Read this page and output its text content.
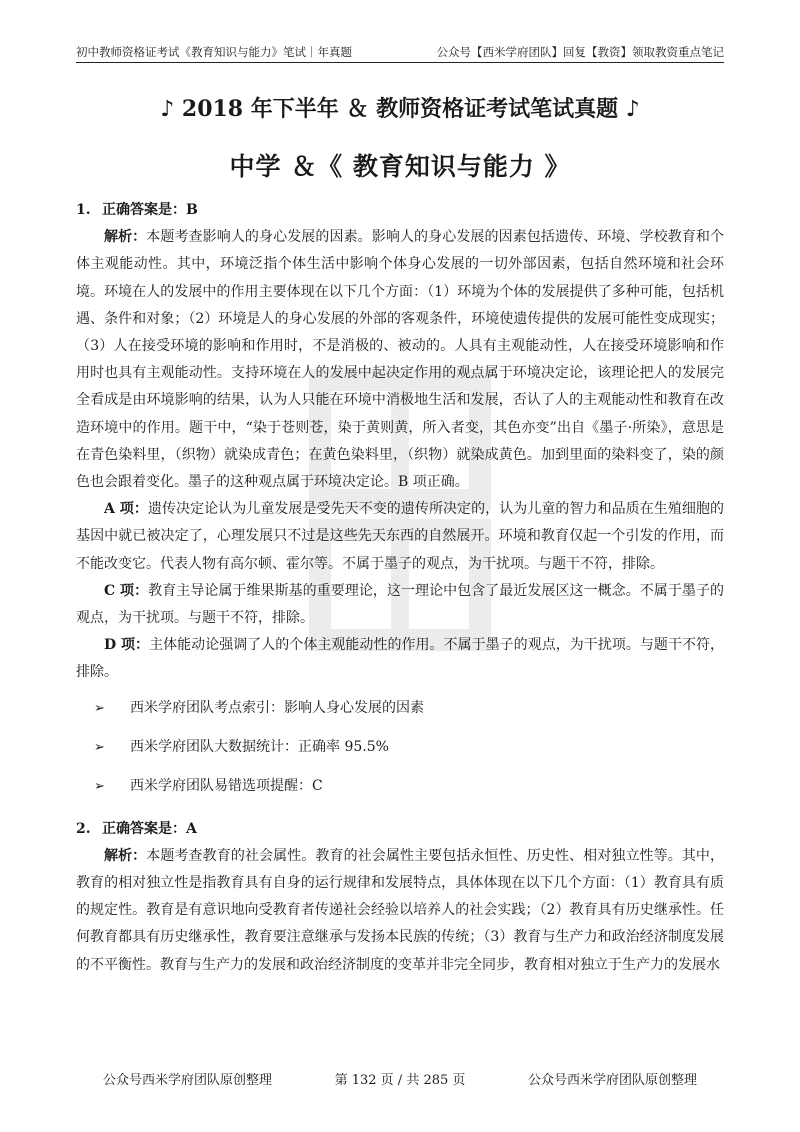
初中教师资格证考试《教育知识与能力》笔试｜年真题	公众号【西米学府团队】回复【教资】领取教资重点笔记
♪ 2018 年下半年 ＆ 教师资格证考试笔试真题 ♪
中学 ＆《 教育知识与能力 》

1. 正确答案是：B

解析：本题考查影响人的身心发展的因素。影响人的身心发展的因素包括遗传、环境、学校教育和个体主观能动性。其中，环境泛指个体生活中影响个体身心发展的一切外部因素，包括自然环境和社会环境。环境在人的发展中的作用主要体现在以下几个方面：（1）环境为个体的发展提供了多种可能，包括机遇、条件和对象；（2）环境是人的身心发展的外部的客观条件，环境使遗传提供的发展可能性变成现实；（3）人在接受环境的影响和作用时，不是消极的、被动的。人具有主观能动性，人在接受环境影响和作用时也具有主观能动性。支持环境在人的发展中起决定作用的观点属于环境决定论，该理论把人的发展完全看成是由环境影响的结果，认为人只能在环境中消极地生活和发展，否认了人的主观能动性和教育在改造环境中的作用。题干中，“染于苍则苍，染于黄则黄，所入者变，其色亦变”出自《墨子·所染》，意思是在青色染料里，（织物）就染成青色；在黄色染料里，（织物）就染成黄色。加到里面的染料变了，染的颜色也会跟着变化。墨子的这种观点属于环境决定论。B 项正确。

A 项：遗传决定论认为儿童发展是受先天不变的遗传所决定的，认为儿童的智力和品质在生殖细胞的基因中就已被决定了，心理发展只不过是这些先天东西的自然展开。环境和教育仅起一个引发的作用，而不能改变它。代表人物有高尔顿、霍尔等。不属于墨子的观点，为干扰项。与题干不符，排除。

C 项：教育主导论属于维果斯基的重要理论，这一理论中包含了最近发展区这一概念。不属于墨子的观点，为干扰项。与题干不符，排除。

D 项：主体能动论强调了人的个体主观能动性的作用。不属于墨子的观点，为干扰项。与题干不符，排除。

➢ 西米学府团队考点索引：影响人身心发展的因素
➢ 西米学府团队大数据统计：正确率 95.5%
➢ 西米学府团队易错选项提醒：C

2. 正确答案是：A

解析：本题考查教育的社会属性。教育的社会属性主要包括永恒性、历史性、相对独立性等。其中，教育的相对独立性是指教育具有自身的运行规律和发展特点，具体体现在以下几个方面：（1）教育具有质的规定性。教育是有意识地向受教育者传递社会经验以培养人的社会实践；（2）教育具有历史继承性。任何教育都具有历史继承性，教育要注意继承与发扬本民族的传统；（3）教育与生产力和政治经济制度发展的不平衡性。教育与生产力的发展和政治经济制度的变革并非完全同步，教育相对独立于生产力的发展水

公众号西米学府团队原创整理	第 132 页 / 共 285 页	公众号西米学府团队原创整理
